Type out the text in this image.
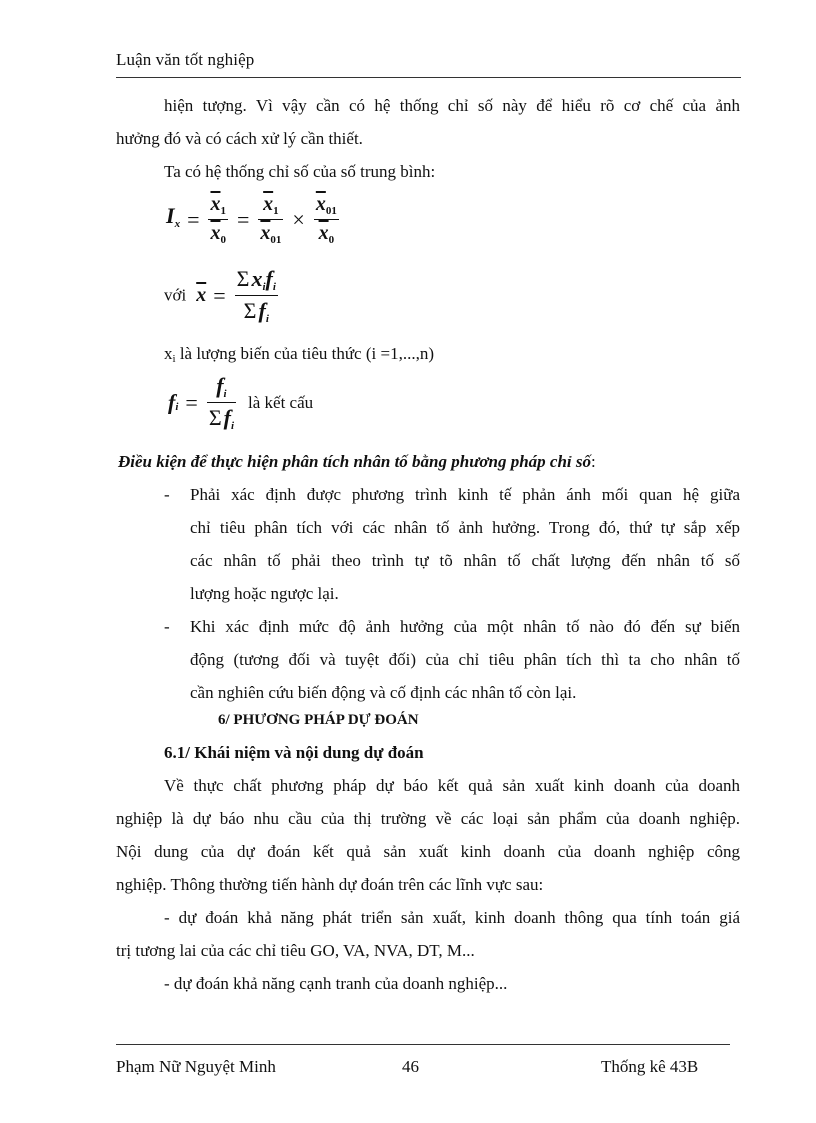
Luận văn tốt nghiệp
hiện tượng. Vì vậy cần có hệ thống chỉ số này để hiểu rõ cơ chế của ảnh
hưởng đó và có cách xử lý cần thiết.
Ta có hệ thống chỉ số của số trung bình:
$I_x = \frac{\overline{x}_1}{\overline{x}_0} = \frac{\overline{x}_1}{\overline{x}_{01}} \times \frac{\overline{x}_{01}}{\overline{x}_0}$
với $\overline{x} = \frac{\Sigma x_if_i}{\Sigma f_i}$
$x_i$ là lượng biến của tiêu thức (i =1,...,n)
$f_i = \frac{f_i}{\Sigma f_i}$ là kết cấu
Điều kiện để thực hiện phân tích nhân tố bằng phương pháp chỉ số:
- Phải xác định được phương trình kinh tế phản ánh mối quan hệ giữa
chỉ tiêu phân tích với các nhân tố ảnh hưởng. Trong đó, thứ tự sắp xếp
các nhân tố phải theo trình tự tõ nhân tố chất lượng đến nhân tố số
lượng hoặc ngược lại.
- Khi xác định mức độ ảnh hưởng của một nhân tố nào đó đến sự biến
động (tương đối và tuyệt đối) của chỉ tiêu phân tích thì ta cho nhân tố
cần nghiên cứu biến động và cố định các nhân tố còn lại.
6/ PHƯƠNG PHÁP DỰ ĐOÁN
6.1/ Khái niệm và nội dung dự đoán
Về thực chất phương pháp dự báo kết quả sản xuất kinh doanh của doanh
nghiệp là dự báo nhu cầu của thị trường về các loại sản phẩm của doanh nghiệp.
Nội dung của dự đoán kết quả sản xuất kinh doanh của doanh nghiệp công
nghiệp. Thông thường tiến hành dự đoán trên các lĩnh vực sau:
- dự đoán khả năng phát triển sản xuất, kinh doanh thông qua tính toán giá
trị tương lai của các chỉ tiêu GO, VA, NVA, DT, M...
- dự đoán khả năng cạnh tranh của doanh nghiệp...
Phạm Nữ Nguyệt Minh	46	Thống kê 43B
